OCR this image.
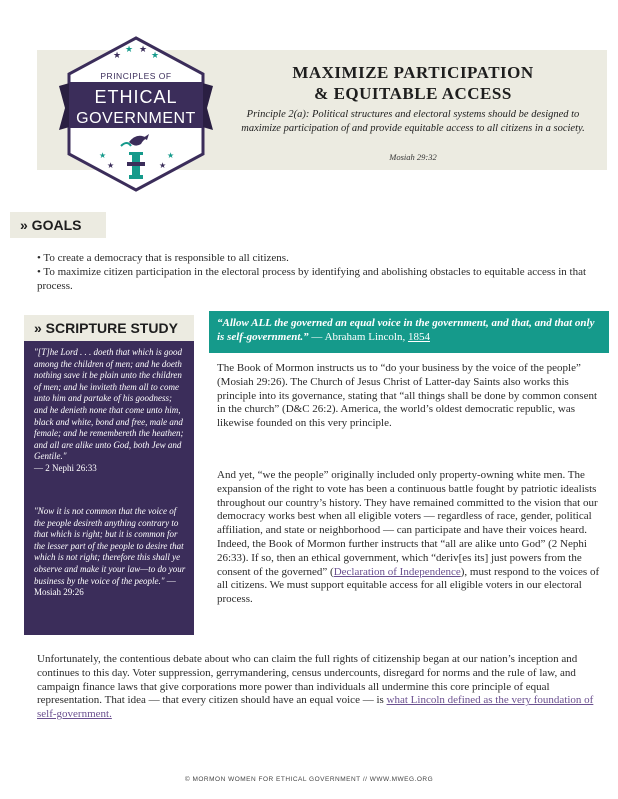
★
★ ★
★
PRINCIPLES OF
ETHICAL
GOVERNMENT
★
★	★
★
MAXIMIZE PARTICIPATION
& EQUITABLE ACCESS
Principle 2(a): Political structures and electoral systems should be designed to maximize participation of and provide equitable access to all citizens in a society.
Mosiah 29:32
» GOALS
• To create a democracy that is responsible to all citizens.
• To maximize citizen participation in the electoral process by identifying and abolishing obstacles to equitable access in that process.
» SCRIPTURE STUDY

"[T]he Lord . . . doeth that which is good among the children of men; and he doeth nothing save it be plain unto the children of men; and he inviteth them all to come unto him and partake of his goodness; and he denieth none that come unto him, black and white, bond and free, male and female; and he remembereth the heathen; and all are alike unto God, both Jew and Gentile."

— 2 Nephi 26:33

"Now it is not common that the voice of the people desireth anything contrary to that which is right; but it is common for the lesser part of the people to desire that which is not right; therefore this shall ye observe and make it your law—to do your business by the voice of the people." — Mosiah 29:26

“Allow ALL the governed an equal voice in the government, and that, and that only is self-government.” — Abraham Lincoln, 1854

The Book of Mormon instructs us to “do your business by the voice of the people” (Mosiah 29:26). The Church of Jesus Christ of Latter-day Saints also works this principle into its governance, stating that “all things shall be done by common consent in the church” (D&C 26:2). America, the world’s oldest democratic republic, was likewise founded on this very principle.

And yet, “we the people” originally included only property-owning white men. The expansion of the right to vote has been a continuous battle fought by patriotic idealists throughout our country’s history. They have remained committed to the vision that our democracy works best when all eligible voters — regardless of race, gender, political affiliation, and state or neighborhood — can participate and have their voices heard. Indeed, the Book of Mormon further instructs that “all are alike unto God” (2 Nephi 26:33). If so, then an ethical government, which “deriv[es its] just powers from the consent of the governed” (Declaration of Independence), must respond to the voices of all citizens. We must support equitable access for all eligible voters in our electoral process.

Unfortunately, the contentious debate about who can claim the full rights of citizenship began at our nation’s inception and continues to this day. Voter suppression, gerrymandering, census undercounts, disregard for norms and the rule of law, and campaign finance laws that give corporations more power than individuals all undermine this core principle of equal representation. That idea — that every citizen should have an equal voice — is what Lincoln defined as the very foundation of self-government.

© MORMON WOMEN FOR ETHICAL GOVERNMENT // WWW.MWEG.ORG
